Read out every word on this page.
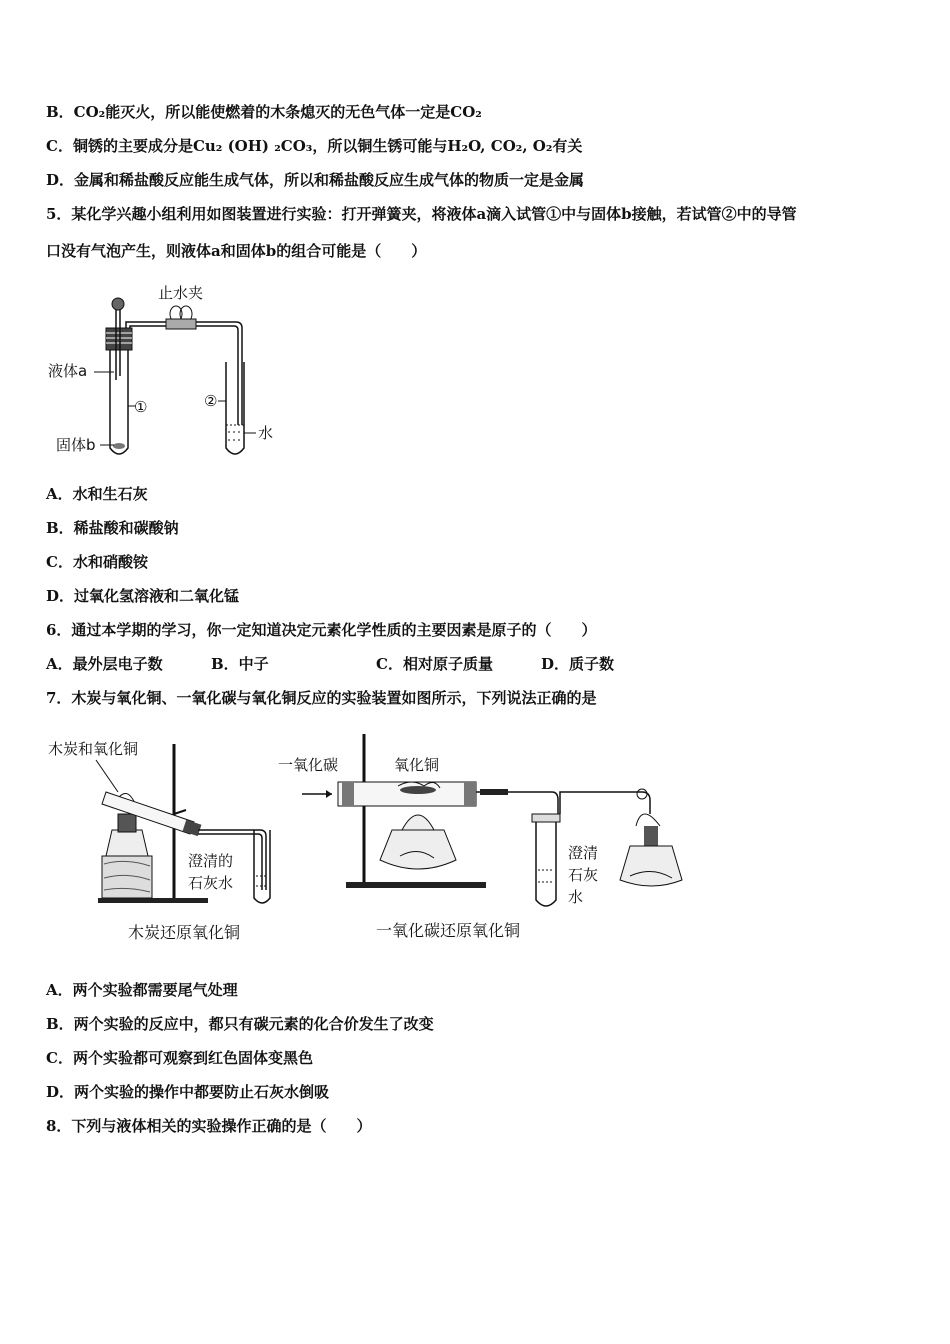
B．CO₂能灭火，所以能使燃着的木条熄灭的无色气体一定是CO₂
C．铜锈的主要成分是Cu₂ (OH) ₂CO₃，所以铜生锈可能与H₂O, CO₂, O₂有关
D．金属和稀盐酸反应能生成气体，所以和稀盐酸反应生成气体的物质一定是金属
5．某化学兴趣小组利用如图装置进行实验：打开弹簧夹，将液体a滴入试管①中与固体b接触，若试管②中的导管
口没有气泡产生，则液体a和固体b的组合可能是（　　）
止水夹
液体a
①	②
固体b
水
A．水和生石灰
B．稀盐酸和碳酸钠
C．水和硝酸铵
D．过氧化氢溶液和二氧化锰
6．通过本学期的学习，你一定知道决定元素化学性质的主要因素是原子的（　　）
A．最外层电子数	B．中子	C．相对原子质量	D．质子数
7．木炭与氧化铜、一氧化碳与氧化铜反应的实验装置如图所示，下列说法正确的是
木炭和氧化铜
澄清的
石灰水
木炭还原氧化铜
一氧化碳	氧化铜
澄清
石灰
水
一氧化碳还原氧化铜
A．两个实验都需要尾气处理
B．两个实验的反应中，都只有碳元素的化合价发生了改变
C．两个实验都可观察到红色固体变黑色
D．两个实验的操作中都要防止石灰水倒吸
8．下列与液体相关的实验操作正确的是（　　）
